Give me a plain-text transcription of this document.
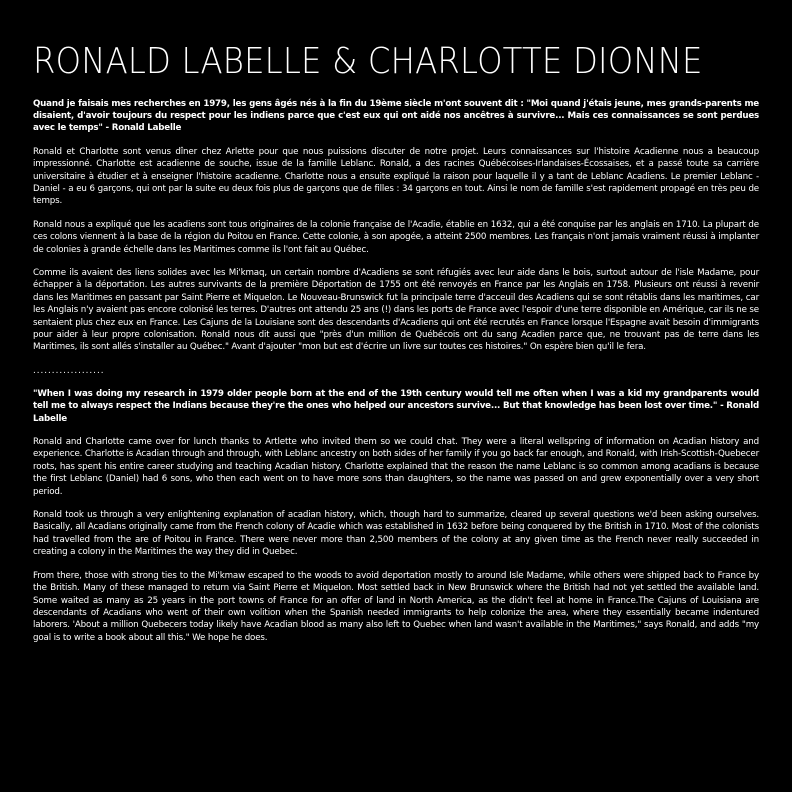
RONALD LABELLE & CHARLOTTE DIONNE

Quand je faisais mes recherches en 1979, les gens âgés nés à la fin du 19ème siècle m'ont souvent dit : "Moi quand j'étais jeune, mes grands-parents me disaient, d'avoir toujours du respect pour les indiens parce que c'est eux qui ont aidé nos ancêtres à survivre... Mais ces connaissances se sont perdues avec le temps" - Ronald Labelle

Ronald et Charlotte sont venus dîner chez Arlette pour que nous puissions discuter de notre projet. Leurs connaissances sur l'histoire Acadienne nous a beaucoup impressionné. Charlotte est acadienne de souche, issue de la famille Leblanc. Ronald, a des racines Québécoises-Irlandaises-Écossaises, et a passé toute sa carrière universitaire à étudier et à enseigner l'histoire acadienne. Charlotte nous a ensuite expliqué la raison pour laquelle il y a tant de Leblanc Acadiens. Le premier Leblanc - Daniel - a eu 6 garçons, qui ont par la suite eu deux fois plus de garçons que de filles : 34 garçons en tout. Ainsi le nom de famille s'est rapidement propagé en très peu de temps.

Ronald nous a expliqué que les acadiens sont tous originaires de la colonie française de l'Acadie, établie en 1632, qui a été conquise par les anglais en 1710. La plupart de ces colons viennent à la base de la région du Poitou en France. Cette colonie, à son apogée, a atteint 2500 membres. Les français n'ont jamais vraiment réussi à implanter de colonies à grande échelle dans les Maritimes comme ils l'ont fait au Québec.

Comme ils avaient des liens solides avec les Mi'kmaq, un certain nombre d'Acadiens se sont réfugiés avec leur aide dans le bois, surtout autour de l'isle Madame, pour échapper à la déportation. Les autres survivants de la première Déportation de 1755 ont été renvoyés en France par les Anglais en 1758. Plusieurs ont réussi à revenir dans les Maritimes en passant par Saint Pierre et Miquelon. Le Nouveau-Brunswick fut la principale terre d'acceuil des Acadiens qui se sont rétablis dans les maritimes, car les Anglais n'y avaient pas encore colonisé les terres. D'autres ont attendu 25 ans (!) dans les ports de France avec l'espoir d'une terre disponible en Amérique, car ils ne se sentaient plus chez eux en France. Les Cajuns de la Louisiane sont des descendants d'Acadiens qui ont été recrutés en France lorsque l'Espagne avait besoin d'immigrants pour aider à leur propre colonisation. Ronald nous dit aussi que "près d'un million de Québécois ont du sang Acadien parce que, ne trouvant pas de terre dans les Maritimes, ils sont allés s'installer au Québec." Avant d'ajouter "mon but est d'écrire un livre sur toutes ces histoires." On espère bien qu'il le fera.

...................

"When I was doing my research in 1979 older people born at the end of the 19th century would tell me often when I was a kid my grandparents would tell me to always respect the Indians because they're the ones who helped our ancestors survive... But that knowledge has been lost over time." - Ronald Labelle

Ronald and Charlotte came over for lunch thanks to Artlette who invited them so we could chat. They were a literal wellspring of information on Acadian history and experience. Charlotte is Acadian through and through, with Leblanc ancestry on both sides of her family if you go back far enough, and Ronald, with Irish-Scottish-Quebecer roots, has spent his entire career studying and teaching Acadian history. Charlotte explained that the reason the name Leblanc is so common among acadians is because the first Leblanc (Daniel) had 6 sons, who then each went on to have more sons than daughters, so the name was passed on and grew exponentially over a very short period.

Ronald took us through a very enlightening explanation of acadian history, which, though hard to summarize, cleared up several questions we'd been asking ourselves. Basically, all Acadians originally came from the French colony of Acadie which was established in 1632 before being conquered by the British in 1710. Most of the colonists had travelled from the are of Poitou in France. There were never more than 2,500 members of the colony at any given time as the French never really succeeded in creating a colony in the Maritimes the way they did in Quebec.

From there, those with strong ties to the Mi'kmaw escaped to the woods to avoid deportation mostly to around Isle Madame, while others were shipped back to France by the British. Many of these managed to return via Saint Pierre et Miquelon. Most settled back in New Brunswick where the British had not yet settled the available land. Some waited as many as 25 years in the port towns of France for an offer of land in North America, as the didn't feel at home in France.The Cajuns of Louisiana are descendants of Acadians who went of their own volition when the Spanish needed immigrants to help colonize the area, where they essentially became indentured laborers. 'About a million Quebecers today likely have Acadian blood as many also left to Quebec when land wasn't available in the Maritimes," says Ronald, and adds "my goal is to write a book about all this." We hope he does.
